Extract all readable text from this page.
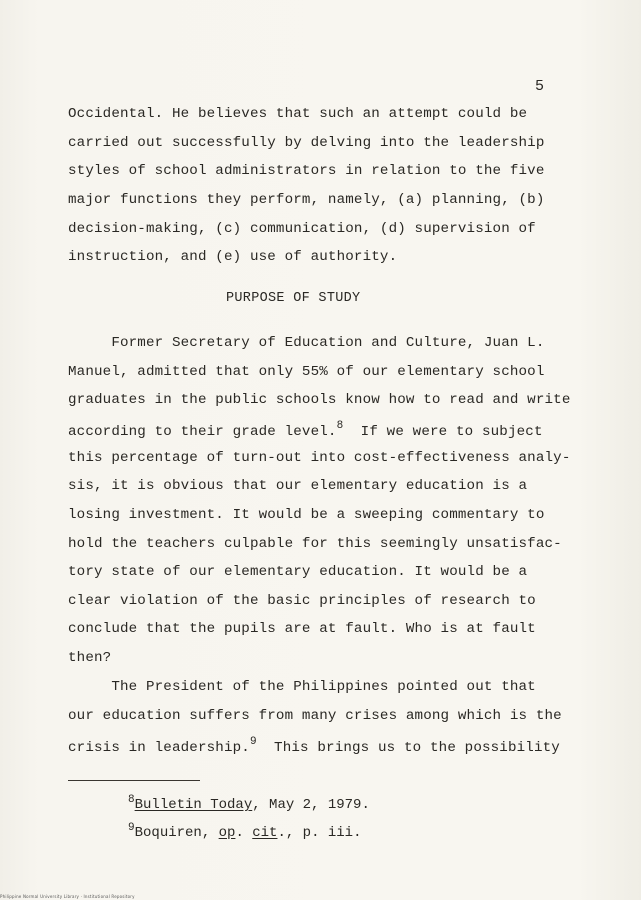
5
Occidental. He believes that such an attempt could be
carried out successfully by delving into the leadership
styles of school administrators in relation to the five
major functions they perform, namely, (a) planning, (b)
decision-making, (c) communication, (d) supervision of
instruction, and (e) use of authority.
PURPOSE OF STUDY
Former Secretary of Education and Culture, Juan L.
Manuel, admitted that only 55% of our elementary school
graduates in the public schools know how to read and write
according to their grade level.$^8$  If we were to subject
this percentage of turn-out into cost-effectiveness analy-
sis, it is obvious that our elementary education is a
losing investment. It would be a sweeping commentary to
hold the teachers culpable for this seemingly unsatisfac-
tory state of our elementary education. It would be a
clear violation of the basic principles of research to
conclude that the pupils are at fault. Who is at fault
then?
The President of the Philippines pointed out that
our education suffers from many crises among which is the
crisis in leadership.$^9$  This brings us to the possibility
$^8$Bulletin Today, May 2, 1979.
$^9$Boquiren, op. cit., p. iii.
Philippine Normal University Library · Institutional Repository
